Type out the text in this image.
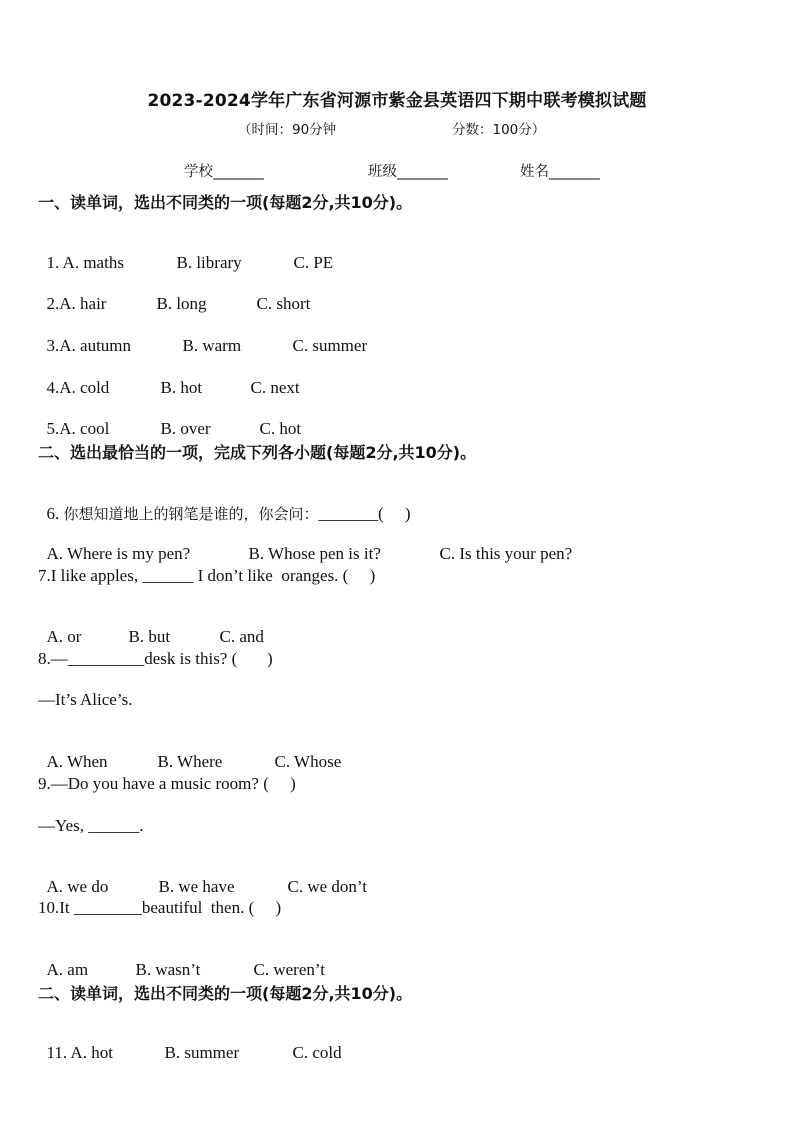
2023-2024学年广东省河源市紫金县英语四下期中联考模拟试题
（时间：90分钟	分数：100分）
学校_______	班级_______	姓名_______
一、读单词，选出不同类的一项(每题2分,共10分)。

1. A. maths	B. library	C. PE

2.A. hair	B. long	C. short

3.A. autumn	B. warm	C. summer

4.A. cold	B. hot	C. next

5.A. cool	B. over	C. hot

二、选出最恰当的一项，完成下列各小题(每题2分,共10分)。

6. 你想知道地上的钢笔是谁的，你会问：_______(     )

A. Where is my pen?	B. Whose pen is it?	C. Is this your pen?

7.I like apples, ______ I don’t like  oranges. (     )

A. or	B. but	C. and

8.—_________desk is this? (       )
—It’s Alice’s.

A. When	B. Where	C. Whose

9.—Do you have a music room? (     )
—Yes, ______.

A. we do	B. we have	C. we don’t

10.It ________beautiful  then. (     )

A. am	B. wasn’t	C. weren’t

二、读单词，选出不同类的一项(每题2分,共10分)。

11. A. hot	B. summer	C. cold
